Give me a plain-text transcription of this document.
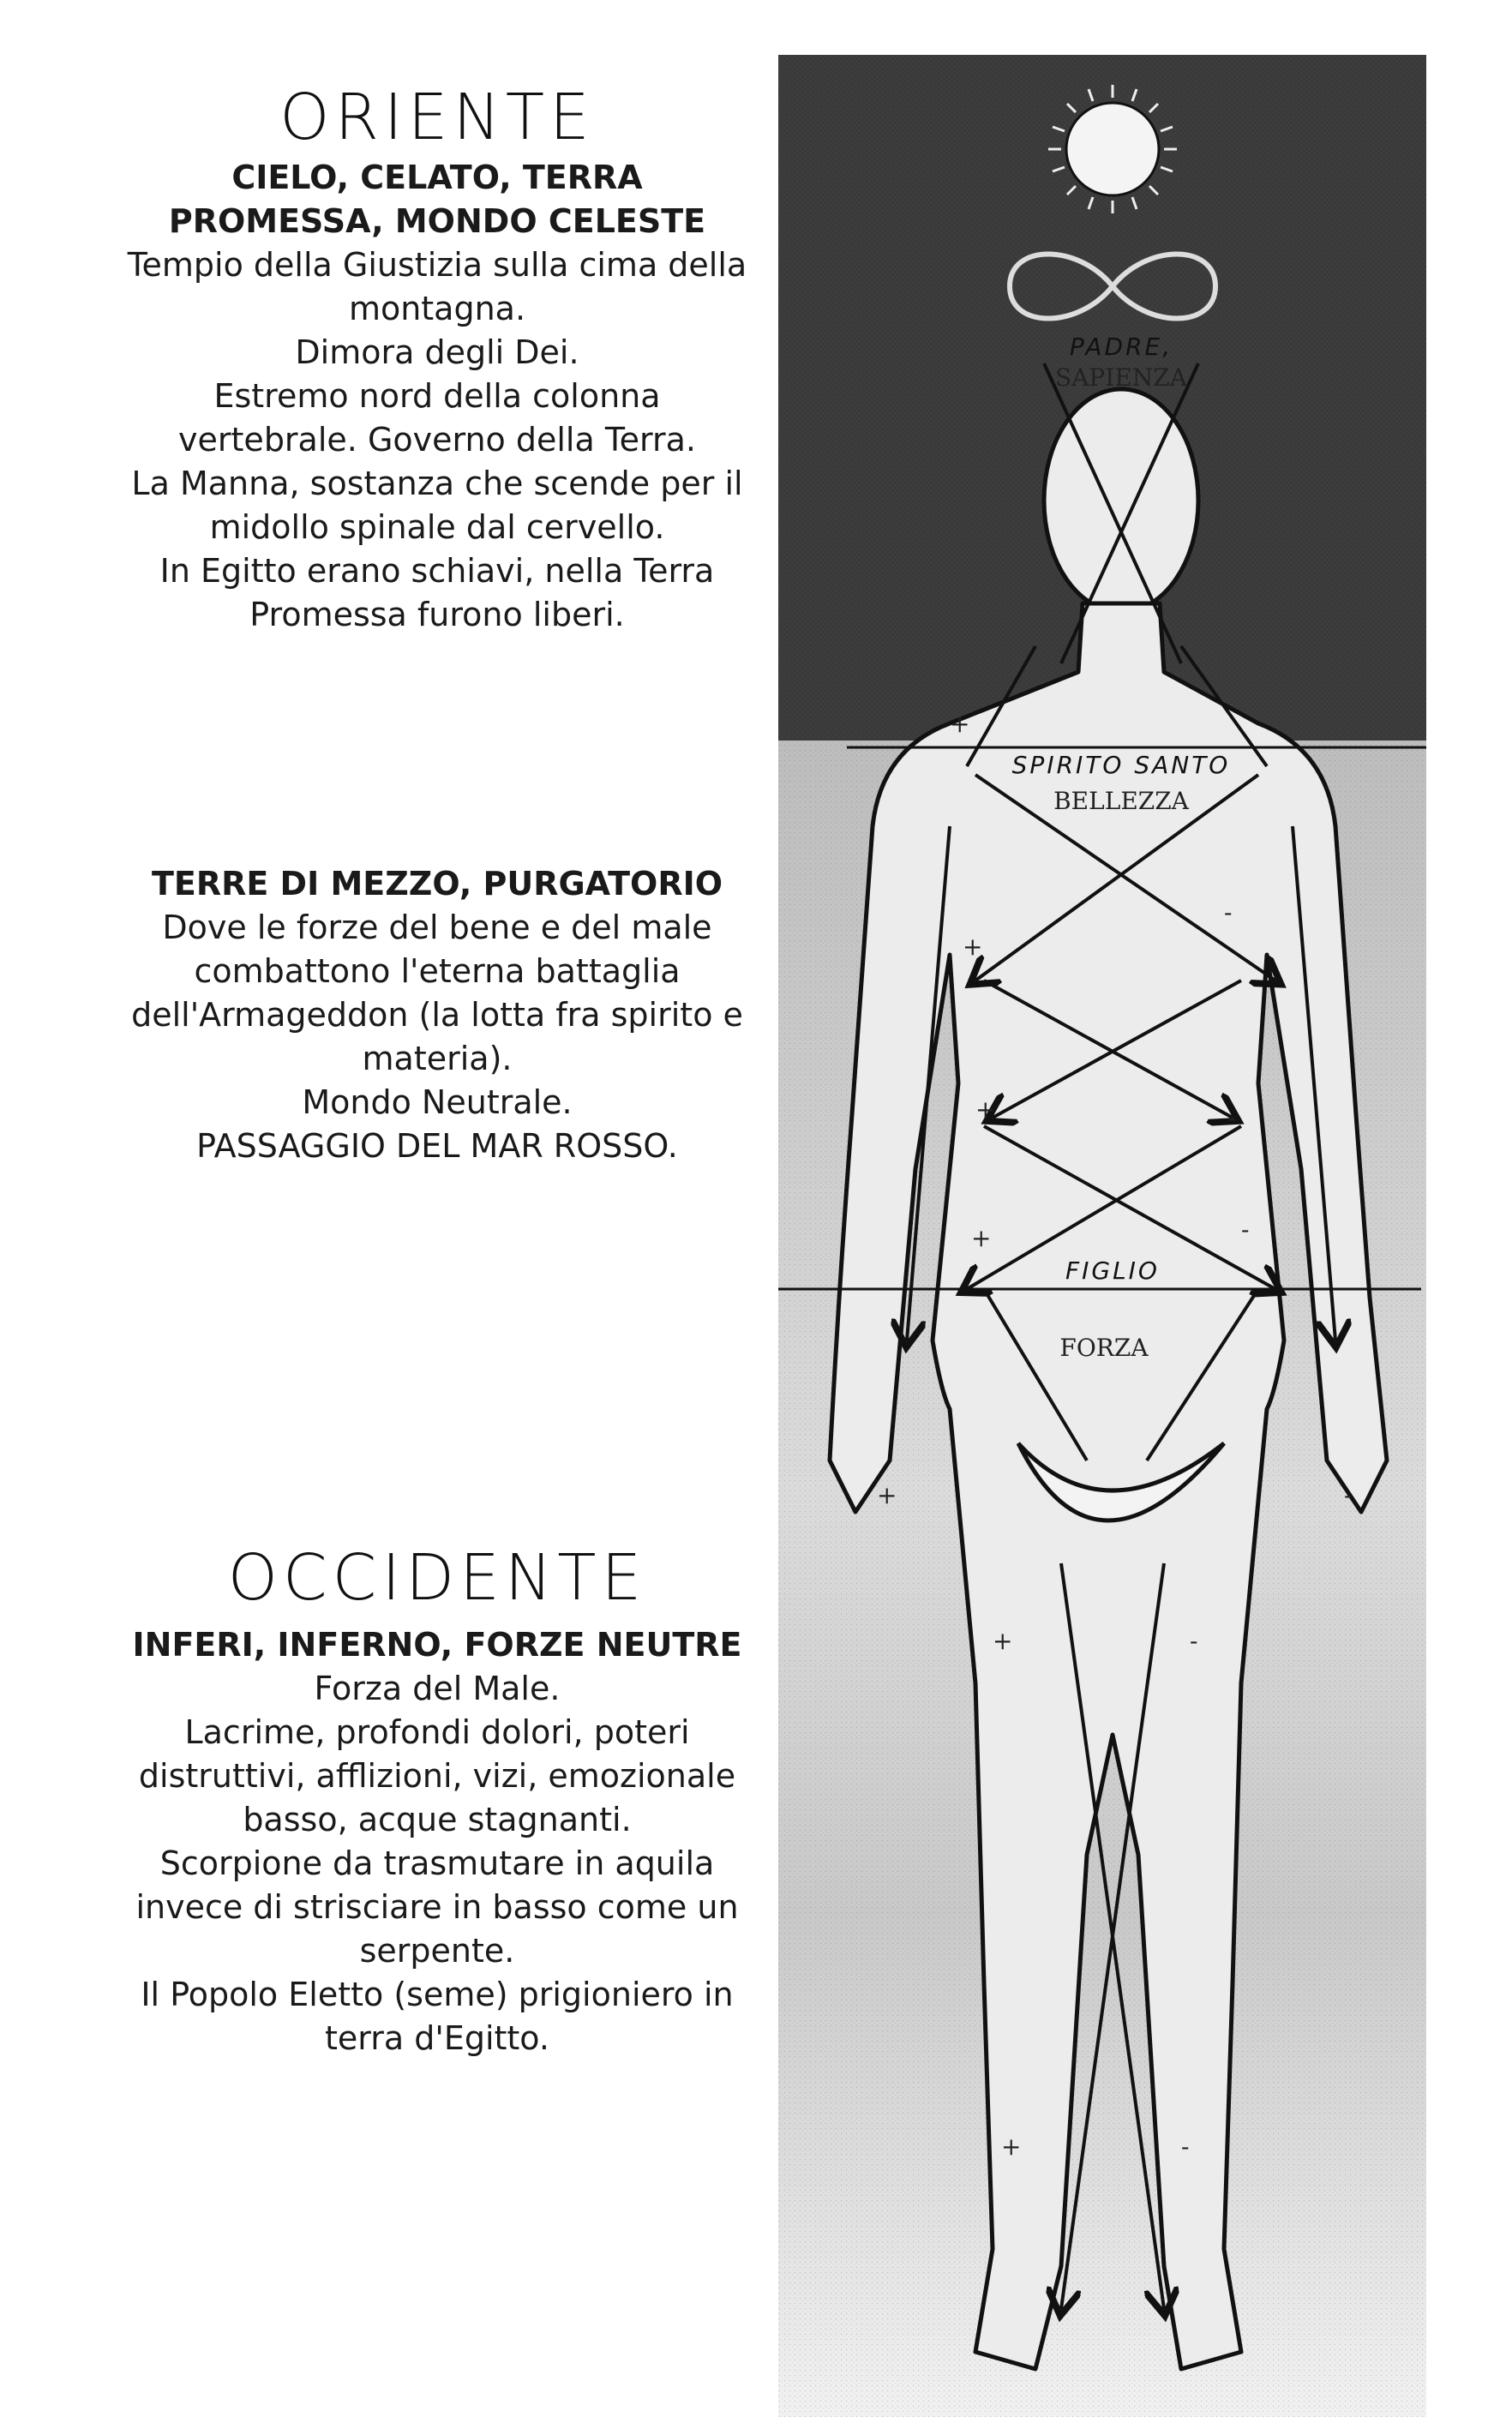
ORIENTE
CIELO, CELATO, TERRA
PROMESSA, MONDO CELESTE
Tempio della Giustizia sulla cima della
montagna.
Dimora degli Dei.
Estremo nord della colonna
vertebrale. Governo della Terra.
La Manna, sostanza che scende per il
midollo spinale dal cervello.
In Egitto erano schiavi, nella Terra
Promessa furono liberi.
TERRE DI MEZZO, PURGATORIO
Dove le forze del bene e del male
combattono l'eterna battaglia
dell'Armageddon (la lotta fra spirito e
materia).
Mondo Neutrale.
PASSAGGIO DEL MAR ROSSO.
OCCIDENTE
INFERI, INFERNO, FORZE NEUTRE
Forza del Male.
Lacrime, profondi dolori, poteri
distruttivi, afflizioni, vizi, emozionale
basso, acque stagnanti.
Scorpione da trasmutare in aquila
invece di strisciare in basso come un
serpente.
Il Popolo Eletto (seme) prigioniero in
terra d'Egitto.
PADRE,
SAPIENZA
SPIRITO SANTO
BELLEZZA
FIGLIO
FORZA
+
+
+
+
+
+
+
-
-
-
-
-
-
